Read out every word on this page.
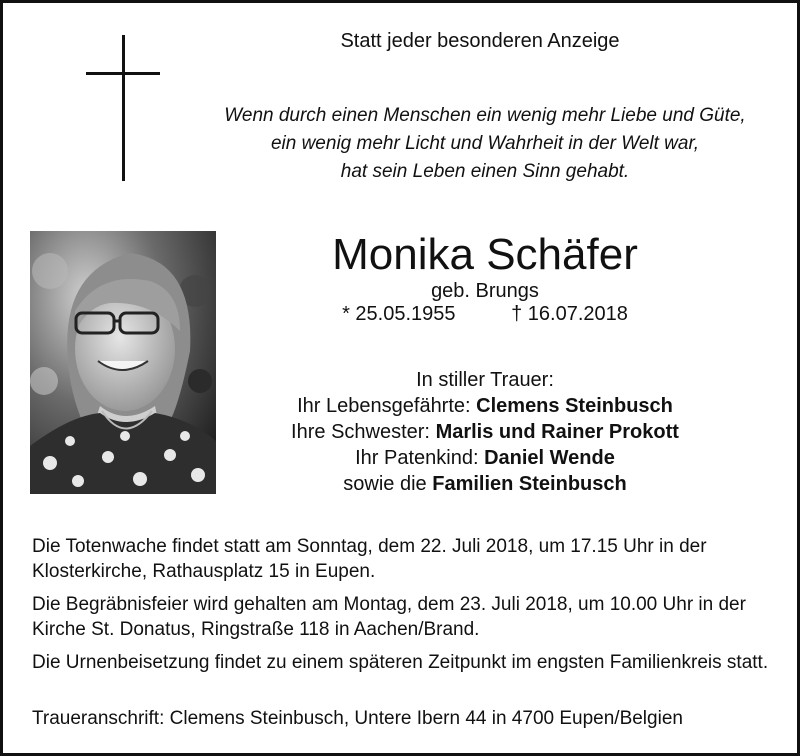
Statt jeder besonderen Anzeige
Wenn durch einen Menschen ein wenig mehr Liebe und Güte,
ein wenig mehr Licht und Wahrheit in der Welt war,
hat sein Leben einen Sinn gehabt.
Monika Schäfer
geb. Brungs
* 25.05.1955	† 16.07.2018
In stiller Trauer:
Ihr Lebensgefährte: Clemens Steinbusch
Ihre Schwester: Marlis und Rainer Prokott
Ihr Patenkind: Daniel Wende
sowie die Familien Steinbusch

Die Totenwache findet statt am Sonntag, dem 22. Juli 2018, um 17.15 Uhr in der Klosterkirche, Rathausplatz 15 in Eupen.

Die Begräbnisfeier wird gehalten am Montag, dem 23. Juli 2018, um 10.00 Uhr in der Kirche St. Donatus, Ringstraße 118 in Aachen/Brand.

Die Urnenbeisetzung findet zu einem späteren Zeitpunkt im engsten Familienkreis statt.

Traueranschrift: Clemens Steinbusch, Untere Ibern 44 in 4700 Eupen/Belgien
